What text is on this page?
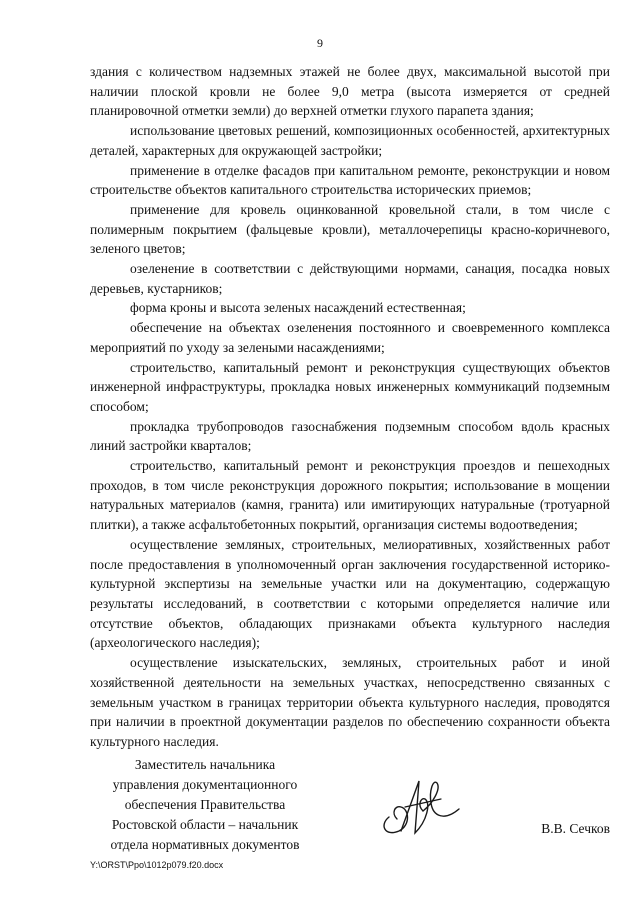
9

здания с количеством надземных этажей не более двух, максимальной высотой при наличии плоской кровли не более 9,0 метра (высота измеряется от средней планировочной отметки земли) до верхней отметки глухого парапета здания;

использование цветовых решений, композиционных особенностей, архитектурных деталей, характерных для окружающей застройки;

применение в отделке фасадов при капитальном ремонте, реконструкции и новом строительстве объектов капитального строительства исторических приемов;

применение для кровель оцинкованной кровельной стали, в том числе с полимерным покрытием (фальцевые кровли), металлочерепицы красно-коричневого, зеленого цветов;

озеленение в соответствии с действующими нормами, санация, посадка новых деревьев, кустарников;

форма кроны и высота зеленых насаждений естественная;

обеспечение на объектах озеленения постоянного и своевременного комплекса мероприятий по уходу за зелеными насаждениями;

строительство, капитальный ремонт и реконструкция существующих объектов инженерной инфраструктуры, прокладка новых инженерных коммуникаций подземным способом;

прокладка трубопроводов газоснабжения подземным способом вдоль красных линий застройки кварталов;

строительство, капитальный ремонт и реконструкция проездов и пешеходных проходов, в том числе реконструкция дорожного покрытия; использование в мощении натуральных материалов (камня, гранита) или имитирующих натуральные (тротуарной плитки), а также асфальтобетонных покрытий, организация системы водоотведения;

осуществление земляных, строительных, мелиоративных, хозяйственных работ после предоставления в уполномоченный орган заключения государственной историко-культурной экспертизы на земельные участки или на документацию, содержащую результаты исследований, в соответствии с которыми определяется наличие или отсутствие объектов, обладающих признаками объекта культурного наследия (археологического наследия);

осуществление изыскательских, земляных, строительных работ и иной хозяйственной деятельности на земельных участках, непосредственно связанных с земельным участком в границах территории объекта культурного наследия, проводятся при наличии в проектной документации разделов по обеспечению сохранности объекта культурного наследия.

Заместитель начальника
управления документационного
обеспечения Правительства
Ростовской области – начальник
отдела нормативных документов
В.В. Сечков
Y:\ORST\Ppo\1012p079.f20.docx
